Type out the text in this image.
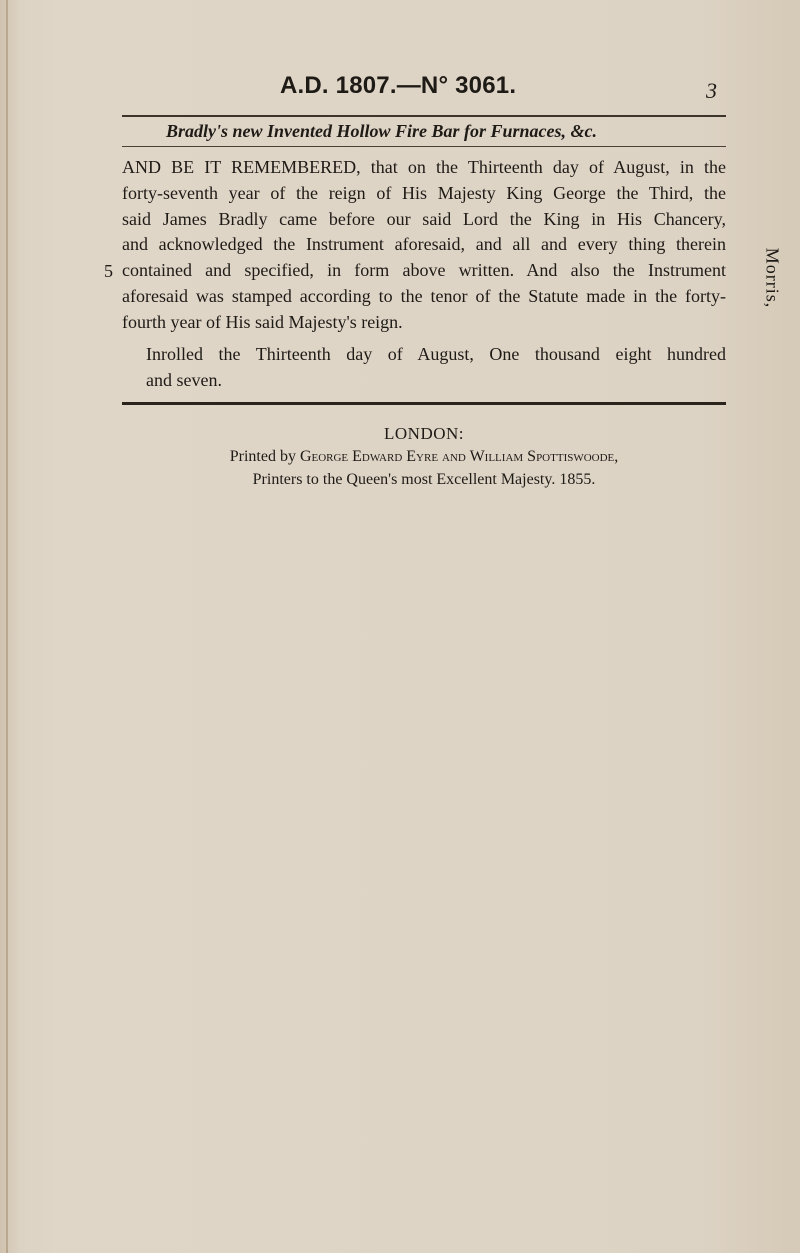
A.D. 1807.—N° 3061.	3
Bradly's new Invented Hollow Fire Bar for Furnaces, &c.
AND BE IT REMEMBERED, that on the Thirteenth day of August, in the
forty-seventh year of the reign of His Majesty King George the Third, the
said James Bradly came before our said Lord the King in His Chancery,
and acknowledged the Instrument aforesaid, and all and every thing therein
contained and specified, in form above written. And also the Instrument
aforesaid was stamped according to the tenor of the Statute made in the forty-
fourth year of His said Majesty's reign.
5	Morris,
Inrolled the Thirteenth day of August, One thousand eight hundred
and seven.
LONDON:
Printed by George Edward Eyre and William Spottiswoode,
Printers to the Queen's most Excellent Majesty. 1855.
